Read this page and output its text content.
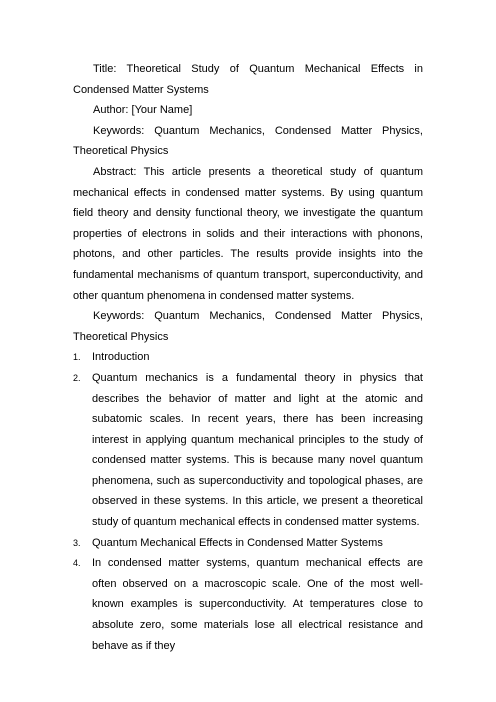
Title: Theoretical Study of Quantum Mechanical Effects in Condensed Matter Systems

Author: [Your Name]

Keywords: Quantum Mechanics, Condensed Matter Physics, Theoretical Physics

Abstract: This article presents a theoretical study of quantum mechanical effects in condensed matter systems. By using quantum field theory and density functional theory, we investigate the quantum properties of electrons in solids and their interactions with phonons, photons, and other particles. The results provide insights into the fundamental mechanisms of quantum transport, superconductivity, and other quantum phenomena in condensed matter systems.

Keywords: Quantum Mechanics, Condensed Matter Physics, Theoretical Physics

1. Introduction
2. Quantum mechanics is a fundamental theory in physics that describes the behavior of matter and light at the atomic and subatomic scales. In recent years, there has been increasing interest in applying quantum mechanical principles to the study of condensed matter systems. This is because many novel quantum phenomena, such as superconductivity and topological phases, are observed in these systems. In this article, we present a theoretical study of quantum mechanical effects in condensed matter systems.
3. Quantum Mechanical Effects in Condensed Matter Systems
4. In condensed matter systems, quantum mechanical effects are often observed on a macroscopic scale. One of the most well-known examples is superconductivity. At temperatures close to absolute zero, some materials lose all electrical resistance and behave as if they
